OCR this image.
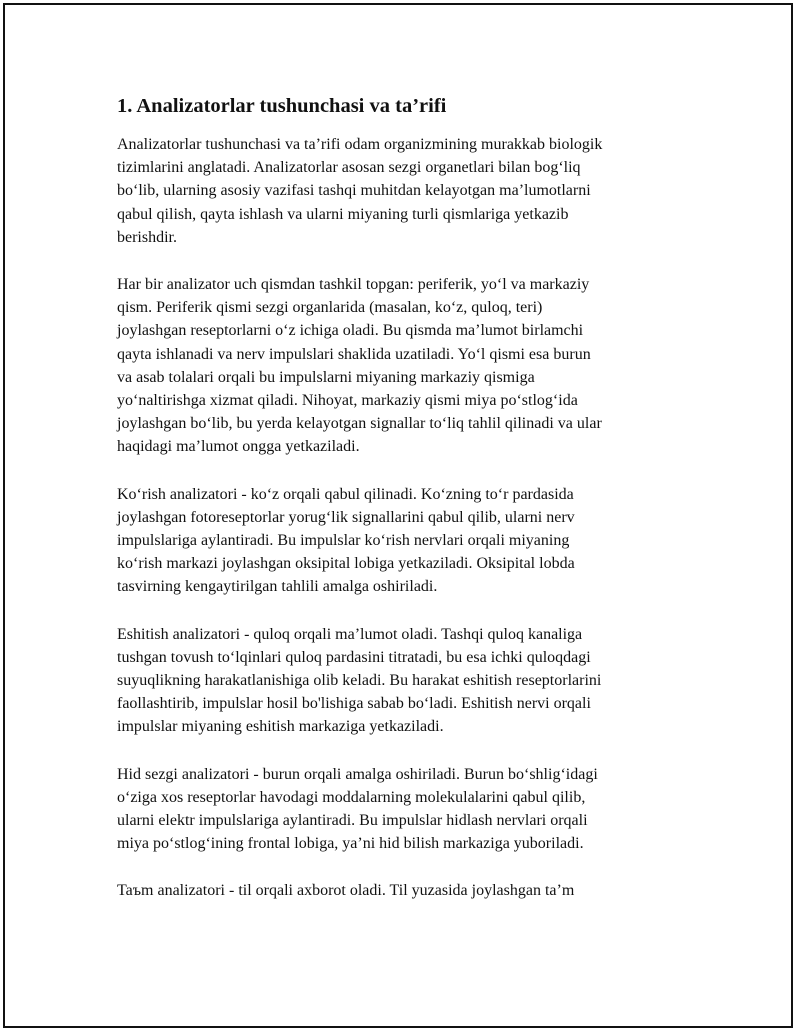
1. Analizatorlar tushunchasi va ta’rifi

Analizatorlar tushunchasi va ta’rifi odam organizmining murakkab biologik
tizimlarini anglatadi. Analizatorlar asosan sezgi organetlari bilan bog‘liq
bo‘lib, ularning asosiy vazifasi tashqi muhitdan kelayotgan ma’lumotlarni
qabul qilish, qayta ishlash va ularni miyaning turli qismlariga yetkazib
berishdir.

Har bir analizator uch qismdan tashkil topgan: periferik, yo‘l va markaziy
qism. Periferik qismi sezgi organlarida (masalan, ko‘z, quloq, teri)
joylashgan reseptorlarni o‘z ichiga oladi. Bu qismda ma’lumot birlamchi
qayta ishlanadi va nerv impulslari shaklida uzatiladi. Yo‘l qismi esa burun
va asab tolalari orqali bu impulslarni miyaning markaziy qismiga
yo‘naltirishga xizmat qiladi. Nihoyat, markaziy qismi miya po‘stlog‘ida
joylashgan bo‘lib, bu yerda kelayotgan signallar to‘liq tahlil qilinadi va ular
haqidagi ma’lumot ongga yetkaziladi.

Ko‘rish analizatori - ko‘z orqali qabul qilinadi. Ko‘zning to‘r pardasida
joylashgan fotoreseptorlar yorug‘lik signallarini qabul qilib, ularni nerv
impulslariga aylantiradi. Bu impulslar ko‘rish nervlari orqali miyaning
ko‘rish markazi joylashgan oksipital lobiga yetkaziladi. Oksipital lobda
tasvirning kengaytirilgan tahlili amalga oshiriladi.

Eshitish analizatori - quloq orqali ma’lumot oladi. Tashqi quloq kanaliga
tushgan tovush to‘lqinlari quloq pardasini titratadi, bu esa ichki quloqdagi
suyuqlikning harakatlanishiga olib keladi. Bu harakat eshitish reseptorlarini
faollashtirib, impulslar hosil bo'lishiga sabab bo‘ladi. Eshitish nervi orqali
impulslar miyaning eshitish markaziga yetkaziladi.

Hid sezgi analizatori - burun orqali amalga oshiriladi. Burun bo‘shlig‘idagi
o‘ziga xos reseptorlar havodagi moddalarning molekulalarini qabul qilib,
ularni elektr impulslariga aylantiradi. Bu impulslar hidlash nervlari orqali
miya po‘stlog‘ining frontal lobiga, ya’ni hid bilish markaziga yuboriladi.

Taъm analizatori - til orqali axborot oladi. Til yuzasida joylashgan ta’m
